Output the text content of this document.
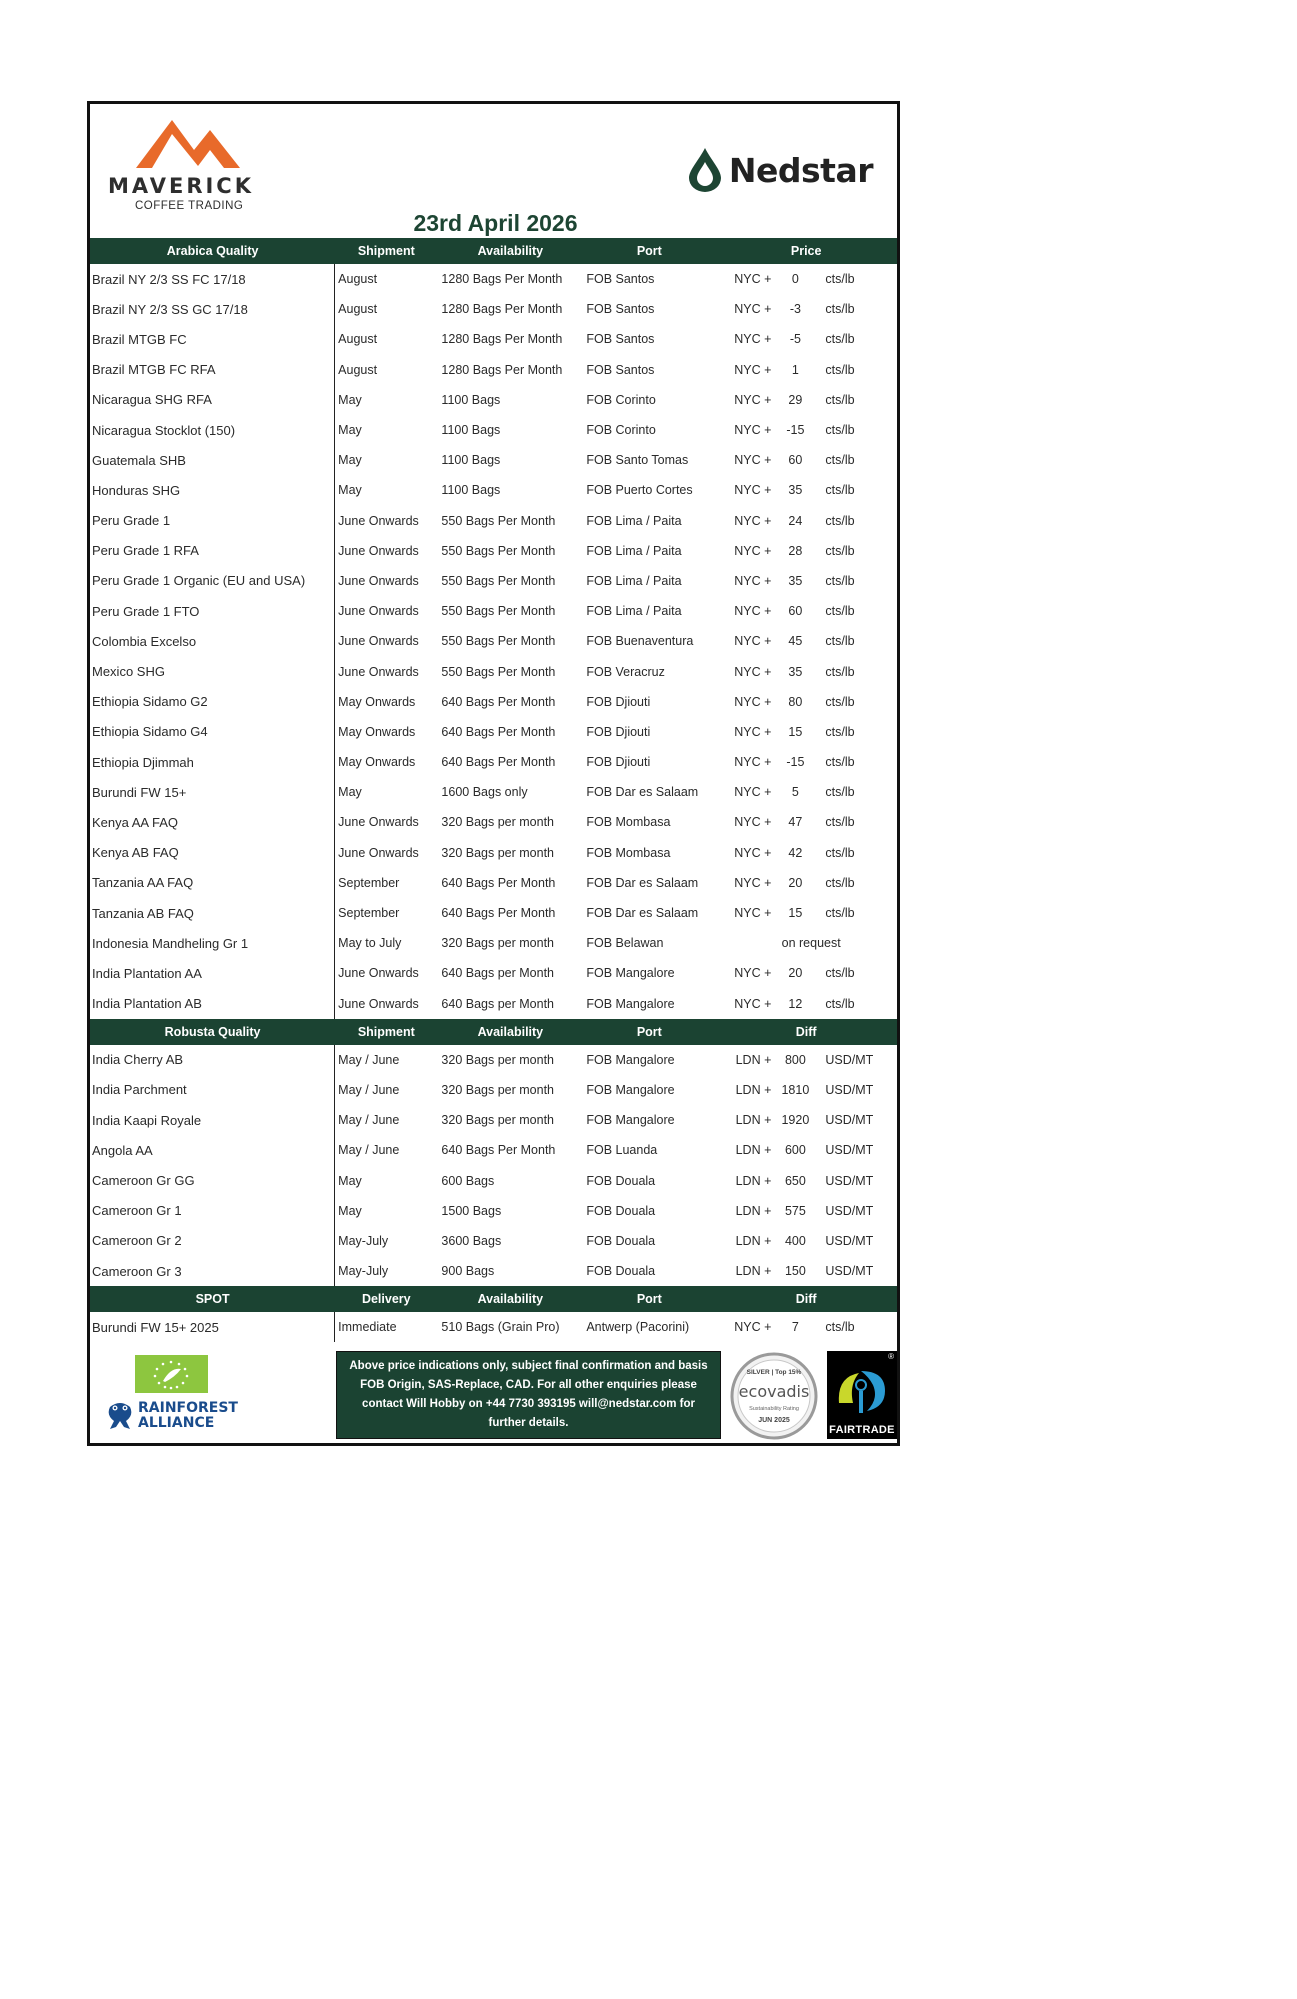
MAVERICK
COFFEE TRADING
Nedstar
23rd April 2026
Arabica Quality	Shipment	Availability	Port	Price
Brazil NY 2/3 SS FC 17/18	August	1280 Bags Per Month	FOB Santos	NYC +	0	cts/lb
Brazil NY 2/3 SS GC 17/18	August	1280 Bags Per Month	FOB Santos	NYC +	-3	cts/lb
Brazil MTGB FC	August	1280 Bags Per Month	FOB Santos	NYC +	-5	cts/lb
Brazil MTGB FC RFA	August	1280 Bags Per Month	FOB Santos	NYC +	1	cts/lb
Nicaragua SHG RFA	May	1100 Bags	FOB Corinto	NYC +	29	cts/lb
Nicaragua Stocklot (150)	May	1100 Bags	FOB Corinto	NYC +	-15	cts/lb
Guatemala SHB	May	1100 Bags	FOB Santo Tomas	NYC +	60	cts/lb
Honduras SHG	May	1100 Bags	FOB Puerto Cortes	NYC +	35	cts/lb
Peru Grade 1	June Onwards	550 Bags Per Month	FOB Lima / Paita	NYC +	24	cts/lb
Peru Grade 1 RFA	June Onwards	550 Bags Per Month	FOB Lima / Paita	NYC +	28	cts/lb
Peru Grade 1 Organic (EU and USA)	June Onwards	550 Bags Per Month	FOB Lima / Paita	NYC +	35	cts/lb
Peru Grade 1 FTO	June Onwards	550 Bags Per Month	FOB Lima / Paita	NYC +	60	cts/lb
Colombia Excelso	June Onwards	550 Bags Per Month	FOB Buenaventura	NYC +	45	cts/lb
Mexico SHG	June Onwards	550 Bags Per Month	FOB Veracruz	NYC +	35	cts/lb
Ethiopia Sidamo G2	May Onwards	640 Bags Per Month	FOB Djiouti	NYC +	80	cts/lb
Ethiopia Sidamo G4	May Onwards	640 Bags Per Month	FOB Djiouti	NYC +	15	cts/lb
Ethiopia Djimmah	May Onwards	640 Bags Per Month	FOB Djiouti	NYC +	-15	cts/lb
Burundi FW 15+	May	1600 Bags only	FOB Dar es Salaam	NYC +	5	cts/lb
Kenya AA FAQ	June Onwards	320 Bags per month	FOB Mombasa	NYC +	47	cts/lb
Kenya AB FAQ	June Onwards	320 Bags per month	FOB Mombasa	NYC +	42	cts/lb
Tanzania AA FAQ	September	640 Bags Per Month	FOB Dar es Salaam	NYC +	20	cts/lb
Tanzania AB FAQ	September	640 Bags Per Month	FOB Dar es Salaam	NYC +	15	cts/lb
Indonesia Mandheling Gr 1	May to July	320 Bags per month	FOB Belawan	on request
India Plantation AA	June Onwards	640 Bags per Month	FOB Mangalore	NYC +	20	cts/lb
India Plantation AB	June Onwards	640 Bags per Month	FOB Mangalore	NYC +	12	cts/lb
Robusta Quality	Shipment	Availability	Port	Diff
India Cherry AB	May / June	320 Bags per month	FOB Mangalore	LDN +	800	USD/MT
India Parchment	May / June	320 Bags per month	FOB Mangalore	LDN + 1810	USD/MT
India Kaapi Royale	May / June	320 Bags per month	FOB Mangalore	LDN + 1920	USD/MT
Angola AA	May / June	640 Bags Per Month	FOB Luanda	LDN +	600	USD/MT
Cameroon Gr GG	May	600 Bags	FOB Douala	LDN +	650	USD/MT
Cameroon Gr 1	May	1500 Bags	FOB Douala	LDN +	575	USD/MT
Cameroon Gr 2	May-July	3600 Bags	FOB Douala	LDN +	400	USD/MT
Cameroon Gr 3	May-July	900 Bags	FOB Douala	LDN +	150	USD/MT
SPOT	Delivery	Availability	Port	Diff
Burundi FW 15+ 2025	Immediate	510 Bags (Grain Pro)	Antwerp (Pacorini)	NYC +	7	cts/lb
RAINFOREST ALLIANCE
Above price indications only, subject final confirmation and basis FOB Origin, SAS-Replace, CAD. For all other enquiries please contact Will Hobby on +44 7730 393195 will@nedstar.com for further details.
SILVER | Top 15%
ecovadis
Sustainability Rating
JUN 2025
®
FAIRTRADE
